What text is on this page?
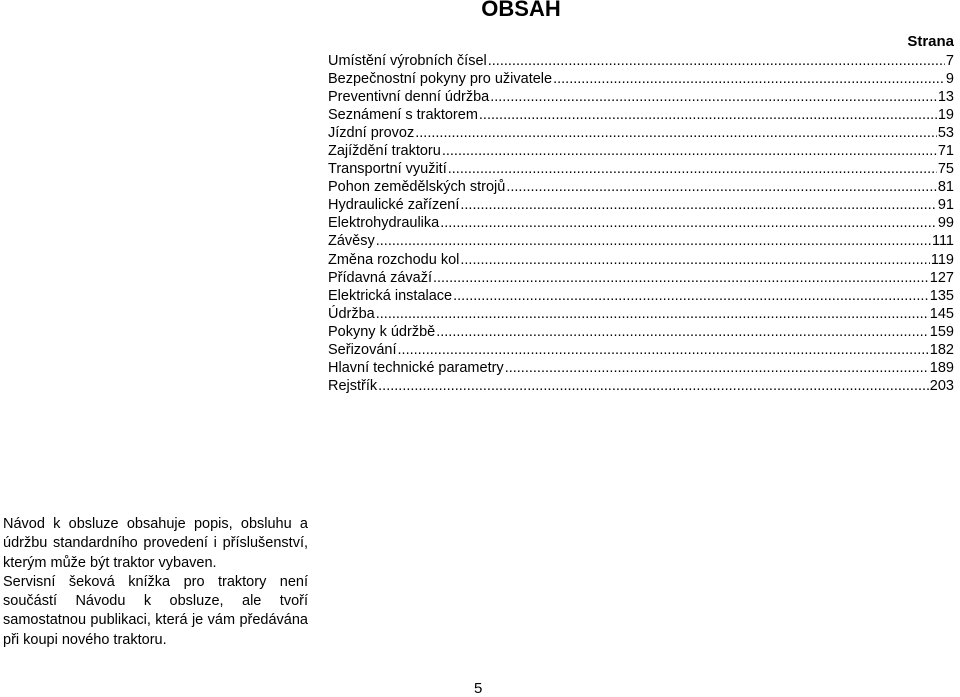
OBSAH
Strana
Umístění výrobních čísel .....	7
Bezpečnostní pokyny pro uživatele .....	9
Preventivní denní údržba .....	13
Seznámení s traktorem .....	19
Jízdní provoz .....	53
Zajíždění traktoru .....	71
Transportní využití .....	75
Pohon zemědělských strojů .....	81
Hydraulické zařízení .....	91
Elektrohydraulika .....	99
Závěsy .....	111
Změna rozchodu kol .....	119
Přídavná závaží .....	127
Elektrická instalace .....	135
Údržba .....	145
Pokyny k údržbě .....	159
Seřizování .....	182
Hlavní technické parametry .....	189
Rejstřík .....	203

Návod k obsluze obsahuje popis, obsluhu a údržbu standardního provedení i příslušenství, kterým může být traktor vybaven.

Servisní šeková knížka pro traktory není součástí Návodu k obsluze, ale tvoří samostatnou publikaci, která je vám předávána při koupi nového traktoru.

5
